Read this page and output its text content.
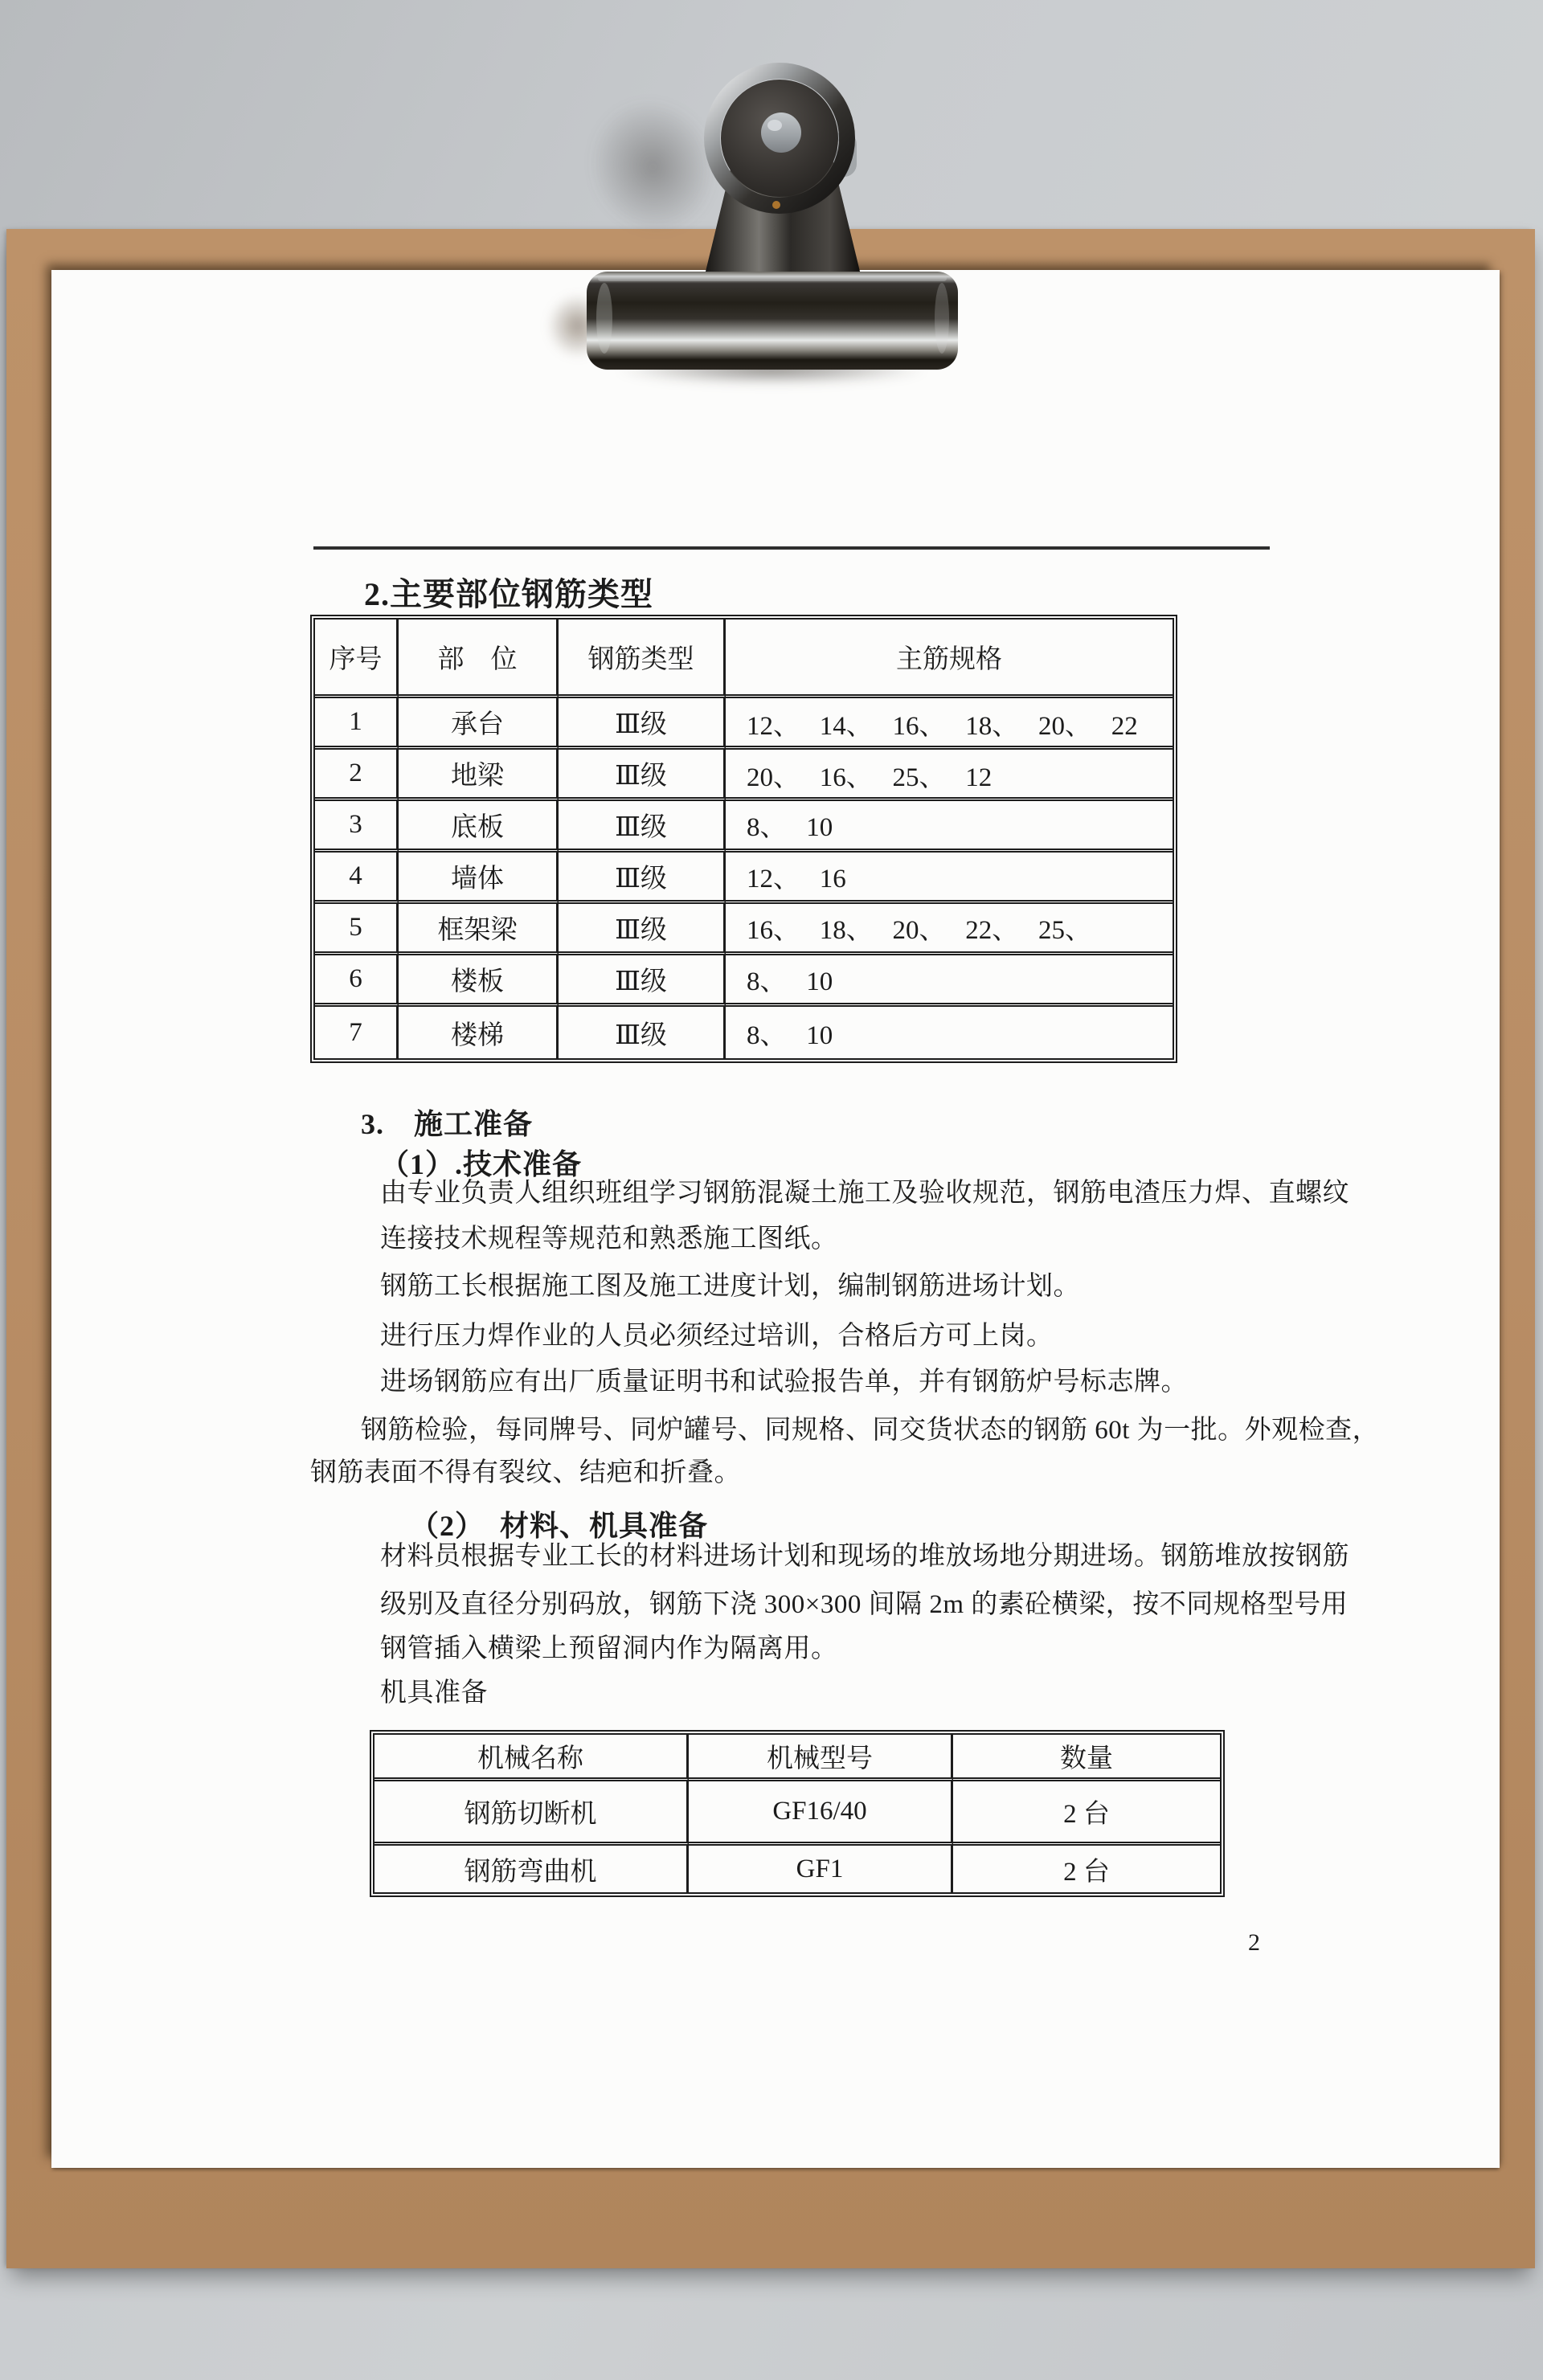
2.主要部位钢筋类型
序号	部　位	钢筋类型	主筋规格
1	承台	Ⅲ级	12、   14、   16、   18、   20、   22
2	地梁	Ⅲ级	20、   16、   25、   12
3	底板	Ⅲ级	8、   10
4	墙体	Ⅲ级	12、   16
5	框架梁	Ⅲ级	16、   18、   20、   22、   25、
6	楼板	Ⅲ级	8、   10
7	楼梯	Ⅲ级	8、   10
3.　施工准备
（1）.技术准备
由专业负责人组织班组学习钢筋混凝土施工及验收规范，钢筋电渣压力焊、直螺纹
连接技术规程等规范和熟悉施工图纸。
钢筋工长根据施工图及施工进度计划，编制钢筋进场计划。
进行压力焊作业的人员必须经过培训，合格后方可上岗。
进场钢筋应有出厂质量证明书和试验报告单，并有钢筋炉号标志牌。
钢筋检验，每同牌号、同炉罐号、同规格、同交货状态的钢筋 60t 为一批。外观检查，
钢筋表面不得有裂纹、结疤和折叠。
（2）　材料、机具准备
材料员根据专业工长的材料进场计划和现场的堆放场地分期进场。钢筋堆放按钢筋
级别及直径分别码放，钢筋下浇 300×300 间隔 2m 的素砼横梁，按不同规格型号用
钢管插入横梁上预留洞内作为隔离用。
机具准备
机械名称	机械型号	数量
钢筋切断机	GF16/40	2 台
钢筋弯曲机	GF1	2 台
2
